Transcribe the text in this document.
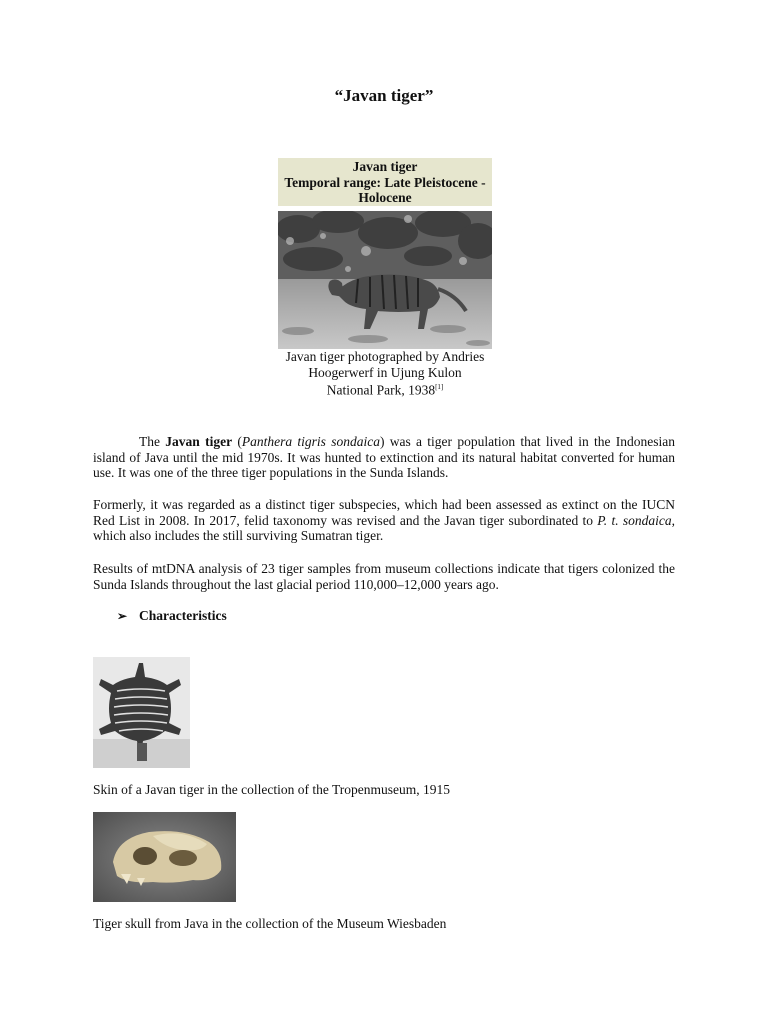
“Javan tiger”
Javan tiger
Temporal range: Late Pleistocene -
Holocene
Javan tiger photographed by Andries
Hoogerwerf in Ujung Kulon
National Park, 1938[1]
The Javan tiger (Panthera tigris sondaica) was a tiger population that lived in the Indonesian island of Java until the mid 1970s. It was hunted to extinction and its natural habitat converted for human use. It was one of the three tiger populations in the Sunda Islands.
Formerly, it was regarded as a distinct tiger subspecies, which had been assessed as extinct on the IUCN Red List in 2008. In 2017, felid taxonomy was revised and the Javan tiger subordinated to P. t. sondaica, which also includes the still surviving Sumatran tiger.
Results of mtDNA analysis of 23 tiger samples from museum collections indicate that tigers colonized the Sunda Islands throughout the last glacial period 110,000–12,000 years ago.
➢ Characteristics
Skin of a Javan tiger in the collection of the Tropenmuseum, 1915
Tiger skull from Java in the collection of the Museum Wiesbaden
